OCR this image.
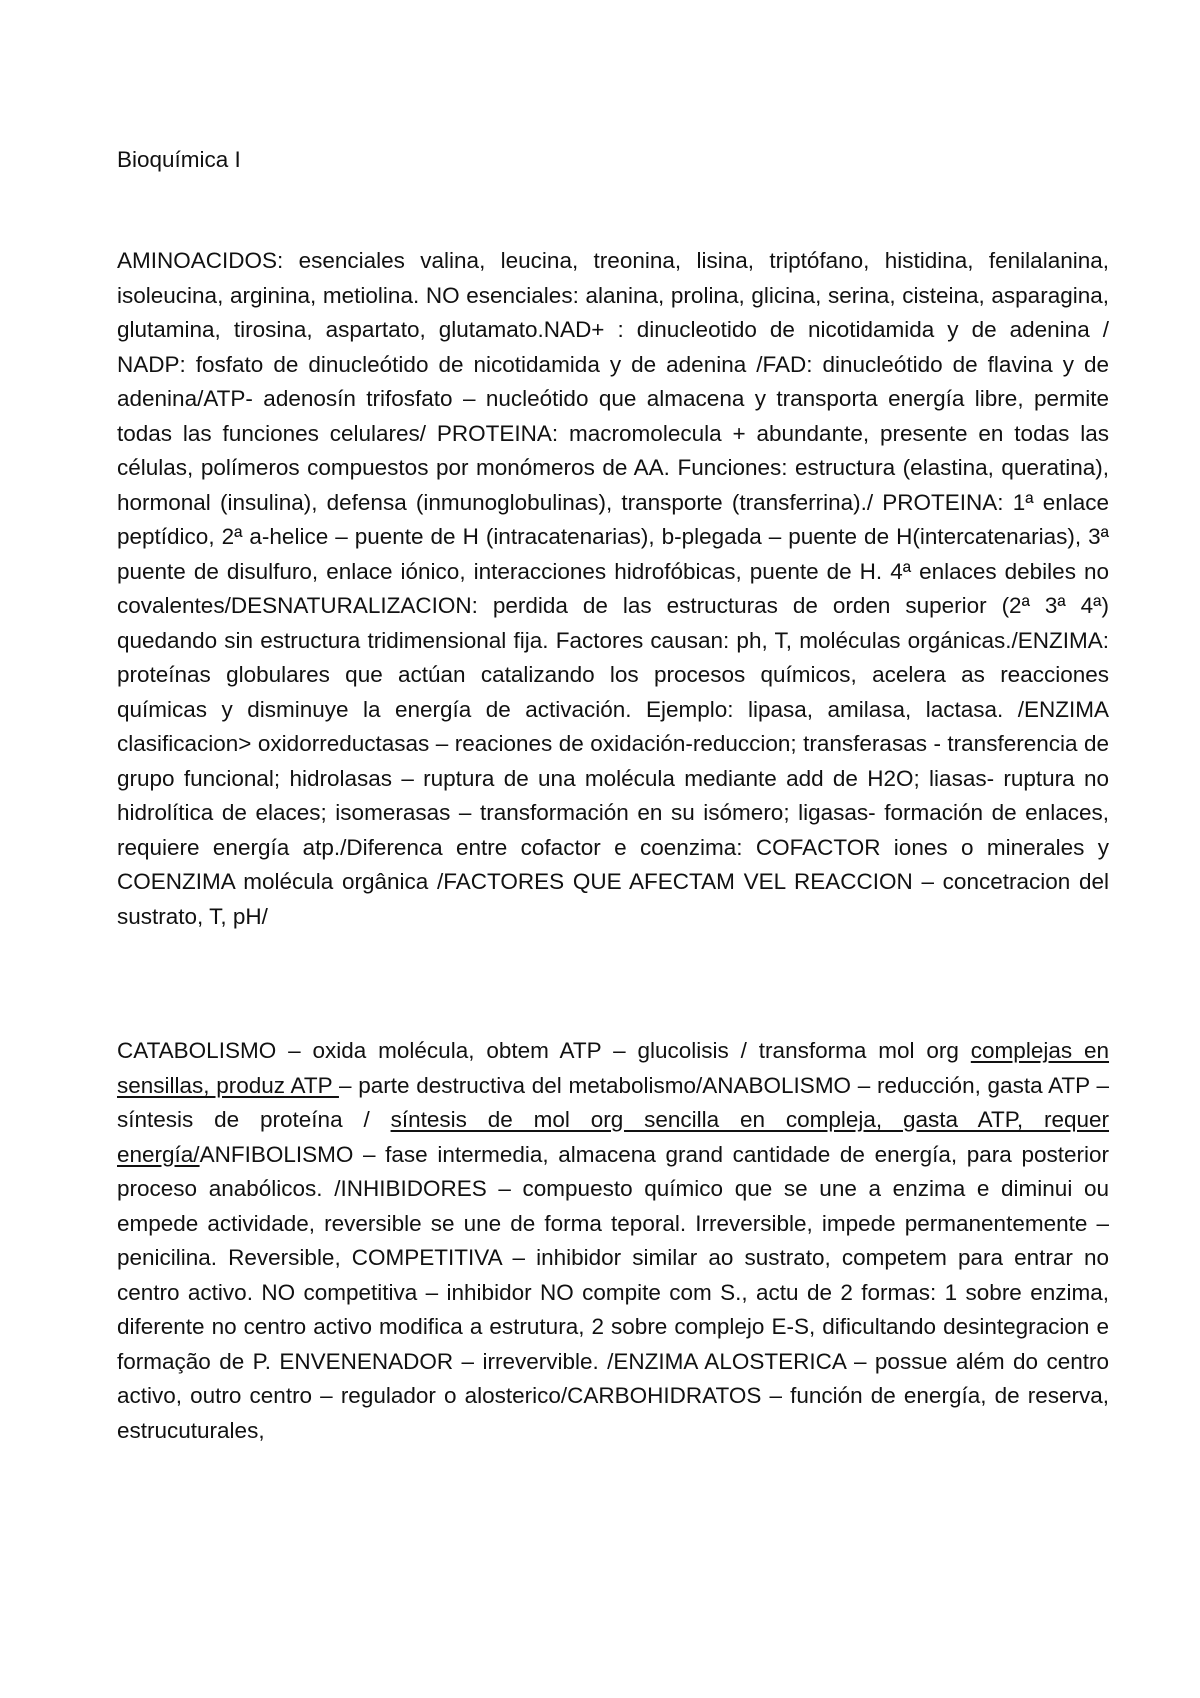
Bioquímica I

AMINOACIDOS: esenciales valina, leucina, treonina, lisina, triptófano, histidina, fenilalanina, isoleucina, arginina, metiolina. NO esenciales: alanina, prolina, glicina, serina, cisteina, asparagina, glutamina, tirosina, aspartato, glutamato.NAD+ : dinucleotido de nicotidamida y de adenina / NADP: fosfato de dinucleótido de nicotidamida y de adenina /FAD: dinucleótido de flavina y de adenina/ATP- adenosín trifosfato – nucleótido que almacena y transporta energía libre, permite todas las funciones celulares/ PROTEINA: macromolecula + abundante, presente en todas las células, polímeros compuestos por monómeros de AA. Funciones: estructura (elastina, queratina), hormonal (insulina), defensa (inmunoglobulinas), transporte (transferrina)./ PROTEINA: 1ª enlace peptídico, 2ª a-helice – puente de H (intracatenarias), b-plegada – puente de H(intercatenarias), 3ª puente de disulfuro, enlace iónico, interacciones hidrofóbicas, puente de H. 4ª enlaces debiles no covalentes/DESNATURALIZACION: perdida de las estructuras de orden superior (2ª 3ª 4ª) quedando sin estructura tridimensional fija. Factores causan: ph, T, moléculas orgánicas./ENZIMA: proteínas globulares que actúan catalizando los procesos químicos, acelera as reacciones químicas y disminuye la energía de activación. Ejemplo: lipasa, amilasa, lactasa. /ENZIMA clasificacion> oxidorreductasas – reaciones de oxidación-reduccion; transferasas - transferencia de grupo funcional; hidrolasas – ruptura de una molécula mediante add de H2O; liasas- ruptura no hidrolítica de elaces; isomerasas – transformación en su isómero; ligasas- formación de enlaces, requiere energía atp./Diferenca entre cofactor e coenzima: COFACTOR iones o minerales y COENZIMA molécula orgânica /FACTORES QUE AFECTAM VEL REACCION – concetracion del sustrato, T, pH/

CATABOLISMO – oxida molécula, obtem ATP – glucolisis / transforma mol org complejas en sensillas, produz ATP – parte destructiva del metabolismo/ANABOLISMO – reducción, gasta ATP – síntesis de proteína / síntesis de mol org sencilla en compleja, gasta ATP, requer energía/ANFIBOLISMO – fase intermedia, almacena grand cantidade de energía, para posterior proceso anabólicos. /INHIBIDORES – compuesto químico que se une a enzima e diminui ou empede actividade, reversible se une de forma teporal. Irreversible, impede permanentemente – penicilina. Reversible, COMPETITIVA – inhibidor similar ao sustrato, competem para entrar no centro activo. NO competitiva – inhibidor NO compite com S., actu de 2 formas: 1 sobre enzima, diferente no centro activo modifica a estrutura, 2 sobre complejo E-S, dificultando desintegracion e formação de P. ENVENENADOR – irrevervible. /ENZIMA ALOSTERICA – possue além do centro activo, outro centro – regulador o alosterico/CARBOHIDRATOS – función de energía, de reserva, estrucuturales,
